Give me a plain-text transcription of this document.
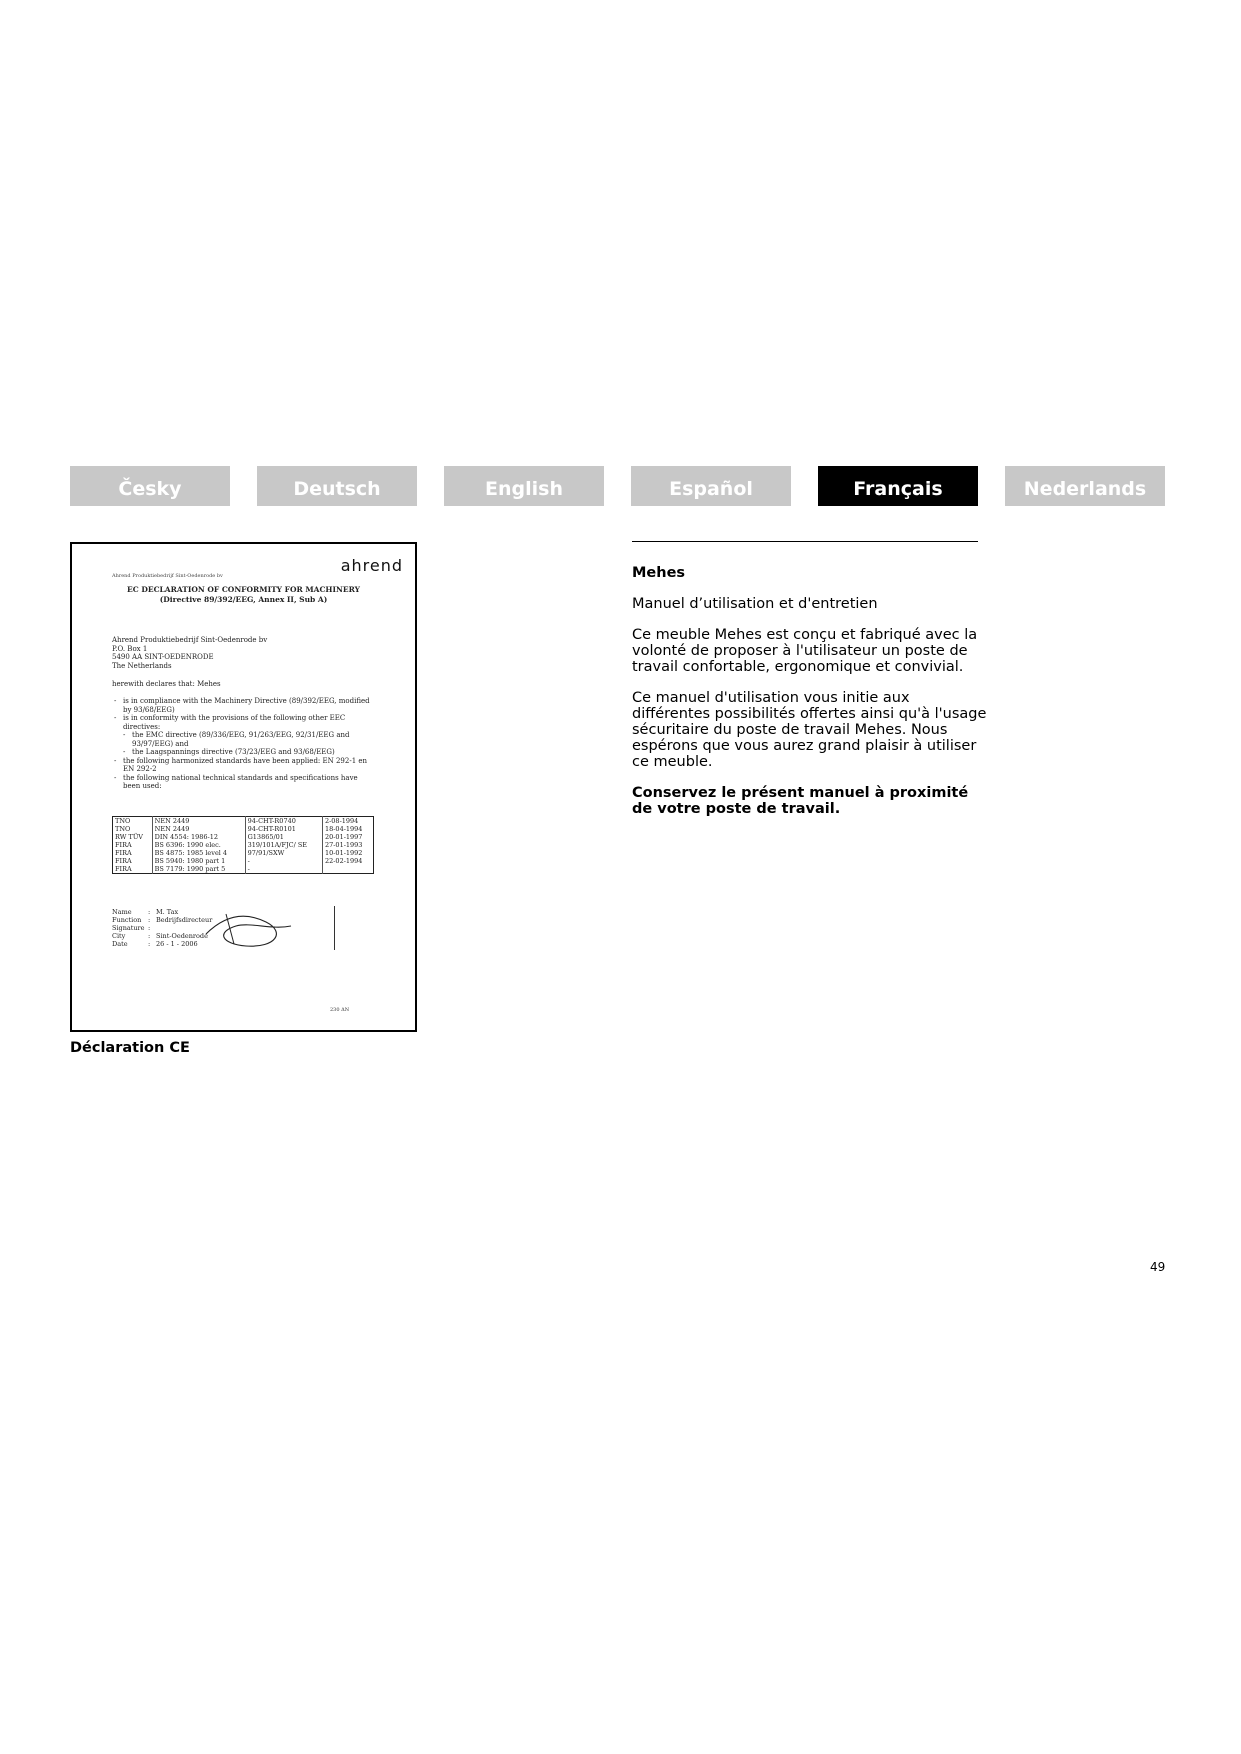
Česky	Deutsch	English	Español	Français	Nederlands

Mehes

Manuel d’utilisation et d'entretien

Ce meuble Mehes est conçu et fabriqué avec la volonté de proposer à l'utilisateur un poste de travail confortable, ergonomique et convivial.

Ce manuel d'utilisation vous initie aux différentes possibilités offertes ainsi qu'à l'usage sécuritaire du poste de travail Mehes. Nous espérons que vous aurez grand plaisir à utiliser ce meuble.

Conservez le présent manuel à proximité de votre poste de travail.

Ahrend Produktiebedrijf Sint-Oedenrode bv
ahrend
EC DECLARATION OF CONFORMITY FOR MACHINERY
(Directive 89/392/EEG, Annex II, Sub A)
Ahrend Produktiebedrijf Sint-Oedenrode bv
P.O. Box 1
5490 AA SINT-OEDENRODE
The Netherlands
herewith declares that: Mehes
- is in compliance with the Machinery Directive (89/392/EEG, modified by 93/68/EEG)
- is in conformity with the provisions of the following other EEC directives:
- the EMC directive (89/336/EEG, 91/263/EEG, 92/31/EEG and 93/97/EEG) and
- the Laagspannings directive (73/23/EEG and 93/68/EEG)
- the following harmonized standards have been applied: EN 292-1 en EN 292-2
- the following national technical standards and specifications have been used:
TNO	NEN 2449	94-CHT-R0740	2-08-1994
TNO	NEN 2449	94-CHT-R0101	18-04-1994
RW TÜV	DIN 4554: 1986-12	G13865/01	20-01-1997
FIRA	BS 6396: 1990 elec.	319/101A/FJC/ SE	27-01-1993
FIRA	BS 4875: 1985 level 4	97/91/SXW	10-01-1992
FIRA	BS 5940: 1980 part 1	-	22-02-1994
FIRA	BS 7179: 1990 part 5	-	
Name	: M. Tax
Function	: Bedrijfsdirecteur
Signature :
City	: Sint-Oedenrode
Date	: 26 - 1 - 2006
230 ΔN
Déclaration CE
49
